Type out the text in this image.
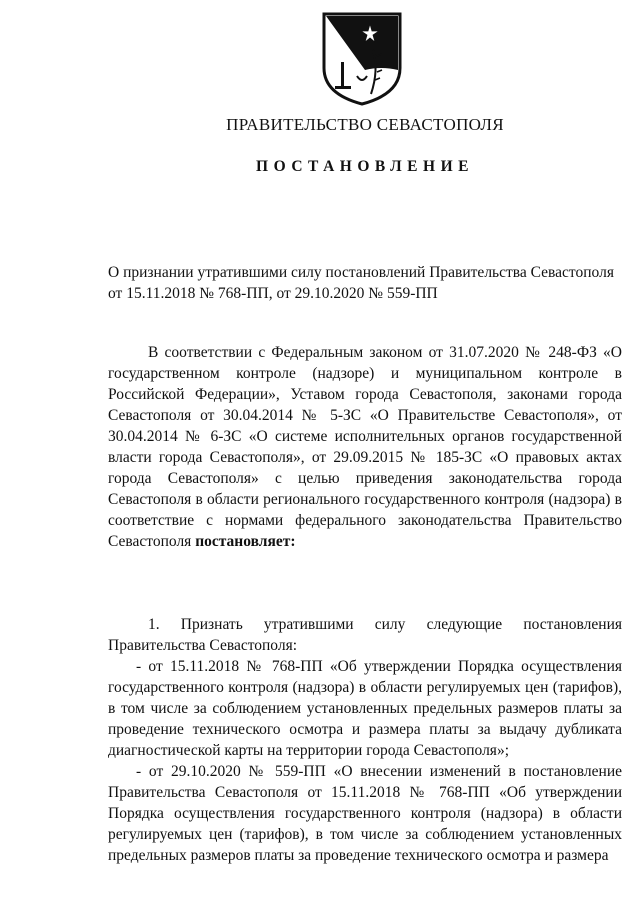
ПРАВИТЕЛЬСТВО СЕВАСТОПОЛЯ
ПОСТАНОВЛЕНИЕ
О признании утратившими силу постановлений Правительства Севастополя
от 15.11.2018 № 768-ПП, от 29.10.2020 № 559-ПП

В соответствии с Федеральным законом от 31.07.2020 № 248-ФЗ «О государственном контроле (надзоре) и муниципальном контроле в Российской Федерации», Уставом города Севастополя, законами города Севастополя от 30.04.2014 № 5-ЗС «О Правительстве Севастополя», от 30.04.2014 № 6-ЗС «О системе исполнительных органов государственной власти города Севастополя», от 29.09.2015 № 185-ЗС «О правовых актах города Севастополя» с целью приведения законодательства города Севастополя в области регионального государственного контроля (надзора) в соответствие с нормами федерального законодательства Правительство Севастополя постановляет:

1. Признать утратившими силу следующие постановления Правительства Севастополя:

- от 15.11.2018 № 768-ПП «Об утверждении Порядка осуществления государственного контроля (надзора) в области регулируемых цен (тарифов), в том числе за соблюдением установленных предельных размеров платы за проведение технического осмотра и размера платы за выдачу дубликата диагностической карты на территории города Севастополя»;

- от 29.10.2020 № 559-ПП «О внесении изменений в постановление Правительства Севастополя от 15.11.2018 № 768-ПП «Об утверждении Порядка осуществления государственного контроля (надзора) в области регулируемых цен (тарифов), в том числе за соблюдением установленных предельных размеров платы за проведение технического осмотра и размера
